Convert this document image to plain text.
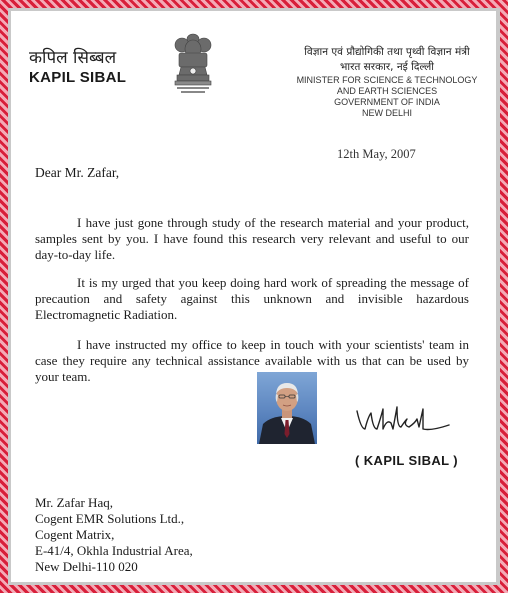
कपिल सिब्बल
KAPIL SIBAL
विज्ञान एवं प्रौद्योगिकी तथा पृथ्वी विज्ञान मंत्री
भारत सरकार, नई दिल्ली
MINISTER FOR SCIENCE & TECHNOLOGY
AND EARTH SCIENCES
GOVERNMENT OF INDIA
NEW DELHI
12th May, 2007
Dear Mr. Zafar,
I have just gone through study of the research material and your product, samples sent by you. I have found this research very relevant and useful to our day-to-day life.
It is my urged that you keep doing hard work of spreading the message of precaution and safety against this unknown and invisible hazardous Electromagnetic Radiation.
I have instructed my office to keep in touch with your scientists' team in case they require any technical assistance available with us that can be used by your team.
( KAPIL SIBAL )
Mr. Zafar Haq,
Cogent EMR Solutions Ltd.,
Cogent Matrix,
E-41/4, Okhla Industrial Area,
New Delhi-110 020
